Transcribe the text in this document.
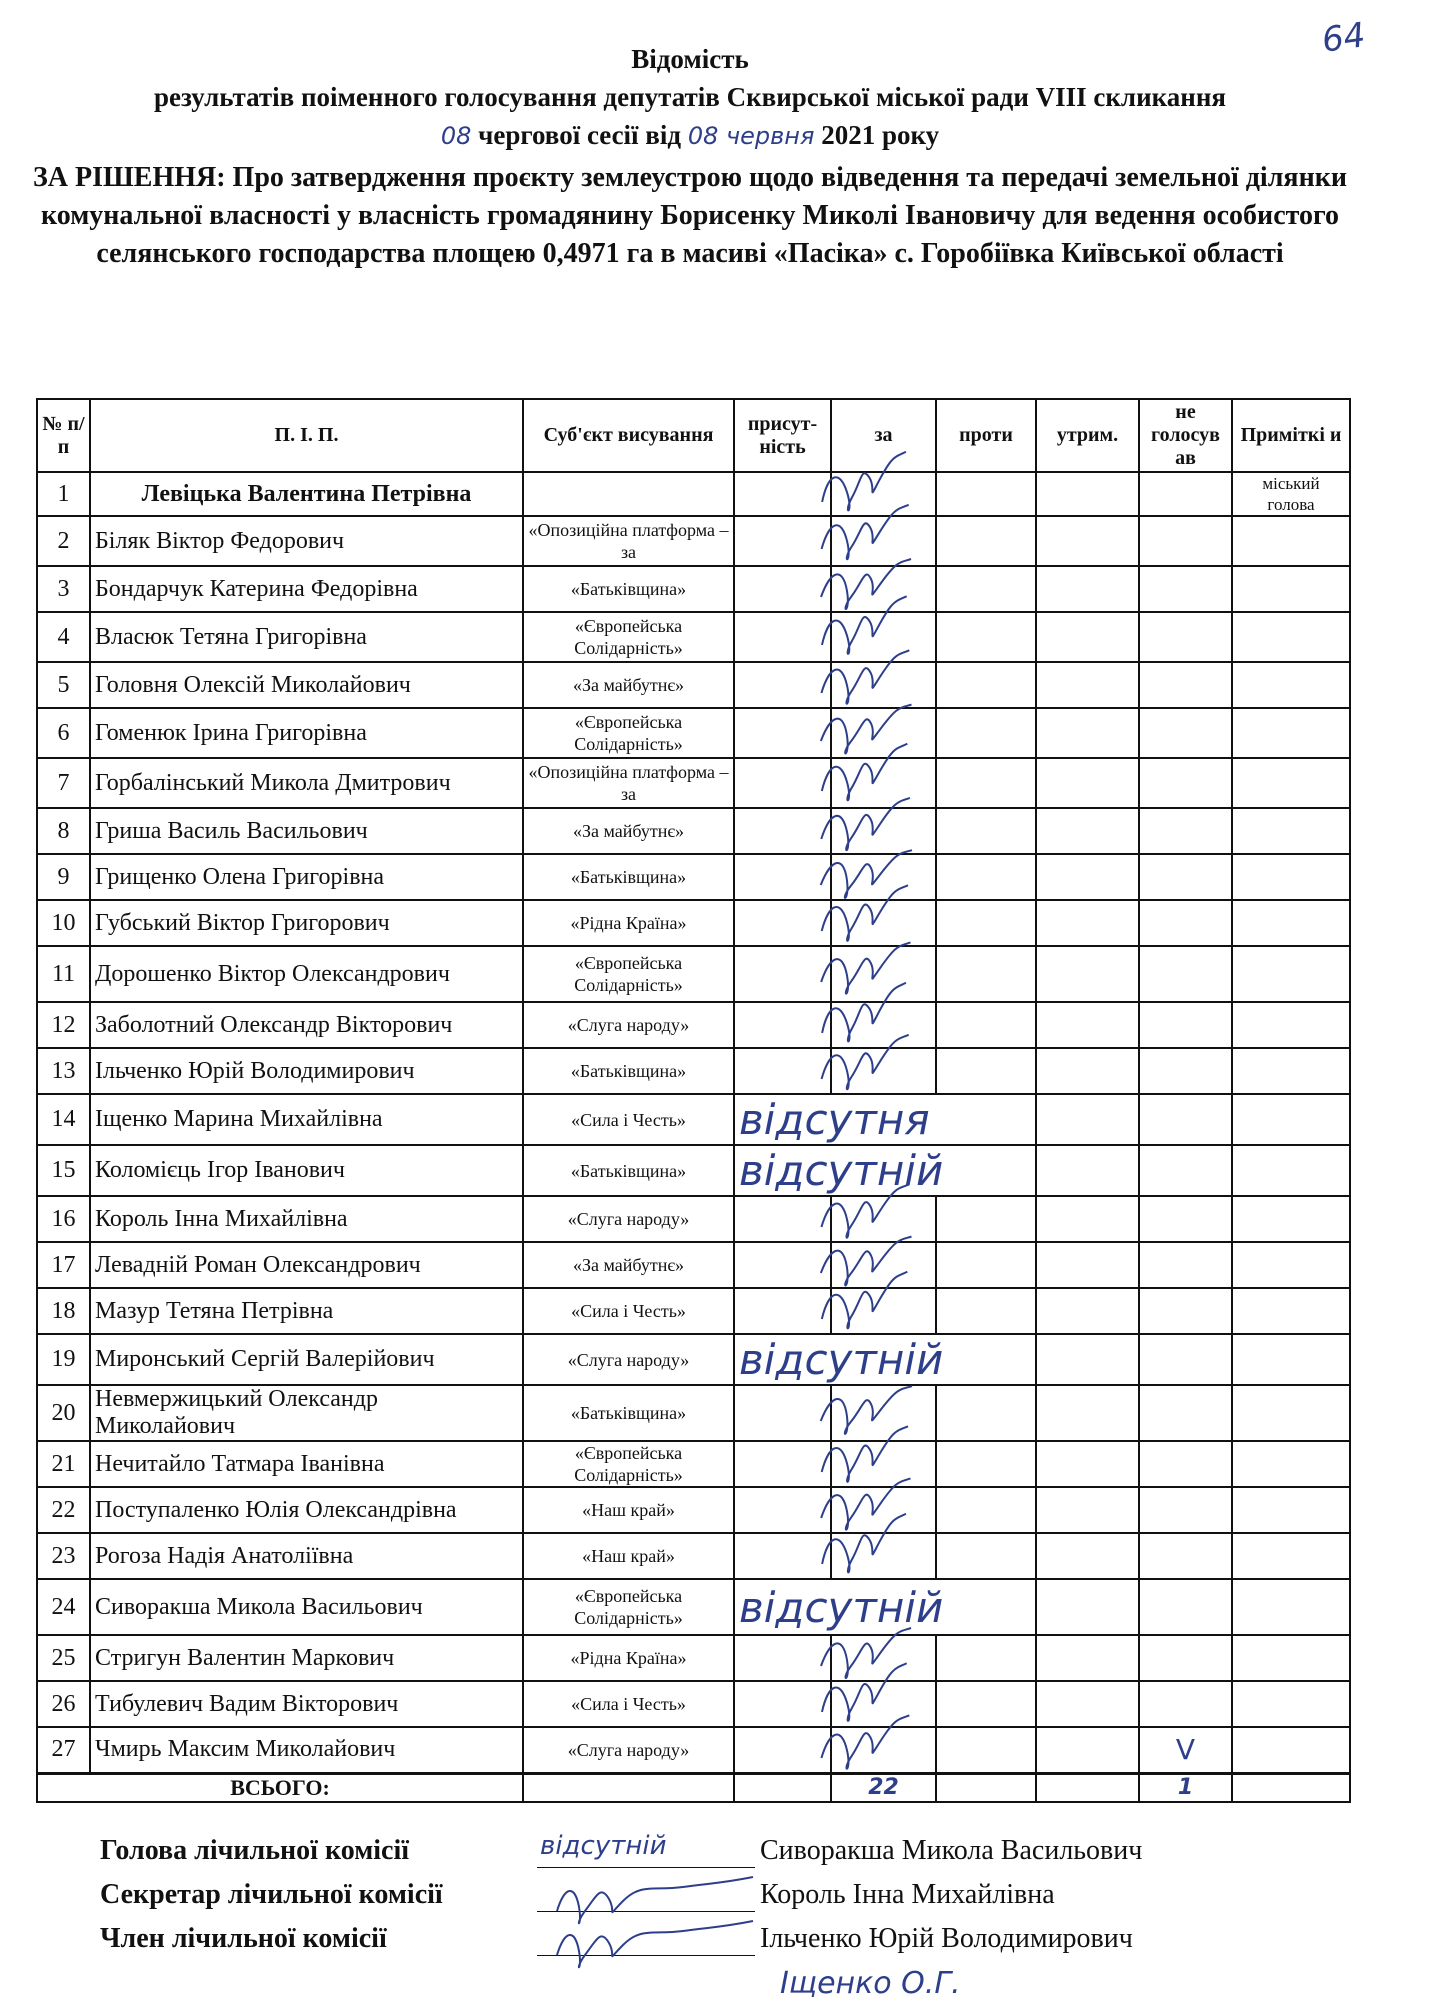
64
Відомість
результатів поіменного голосування депутатів Сквирської міської ради VIII скликання
08 чергової сесії від 08 червня 2021 року
ЗА РІШЕННЯ: Про затвердження проєкту землеустрою щодо відведення та передачі земельної ділянки комунальної власності у власність громадянину Борисенку Миколі Івановичу для ведення особистого селянського господарства площею 0,4971 га в масиві «Пасіка» с. Горобіївка Київської області
№ п/п	П. І. П.	Суб'єкт висування	присут-ність	за	проти	утрим.	не голосув ав	Приміткі и
1	Левіцька Валентина Петрівна							міський голова
2	Біляк Віктор Федорович	«Опозиційна платформа – за						
3	Бондарчук Катерина Федорівна	«Батьківщина»						
4	Власюк Тетяна Григорівна	«Європейська Солідарність»						
5	Головня Олексій Миколайович	«За майбутнє»						
6	Гоменюк Ірина Григорівна	«Європейська Солідарність»						
7	Горбалінський Микола Дмитрович	«Опозиційна платформа – за						
8	Гриша Василь Васильович	«За майбутнє»						
9	Грищенко Олена Григорівна	«Батьківщина»						
10	Губський Віктор Григорович	«Рідна Країна»						
11	Дорошенко Віктор Олександрович	«Європейська Солідарність»						
12	Заболотний Олександр Вікторович	«Слуга народу»						
13	Ільченко Юрій Володимирович	«Батьківщина»						
14	Іщенко Марина Михайлівна	«Сила і Честь»	відсутня					
15	Коломієць Ігор Іванович	«Батьківщина»	відсутній					
16	Король Інна Михайлівна	«Слуга народу»						
17	Левадній Роман Олександрович	«За майбутнє»						
18	Мазур Тетяна Петрівна	«Сила і Честь»						
19	Миронський Сергій Валерійович	«Слуга народу»	відсутній					
20	Невмержицький Олександр Миколайович	«Батьківщина»						
21	Нечитайло Татмара Іванівна	«Європейська Солідарність»						
22	Поступаленко Юлія Олександрівна	«Наш край»						
23	Рогоза Надія Анатоліївна	«Наш край»						
24	Сиворакша Микола Васильович	«Європейська Солідарність»	відсутній					
25	Стригун Валентин Маркович	«Рідна Країна»						
26	Тибулевич Вадим Вікторович	«Сила і Честь»						
27	Чмирь Максим Миколайович	«Слуга народу»					V	
ВСЬОГО:				22			1	
Голова лічильної комісії	відсутній	Сиворакша Микола Васильович
Секретар лічильної комісії	Король Інна Михайлівна
Член лічильної комісії	Ільченко Юрій Володимирович
Іщенко О.Г.
